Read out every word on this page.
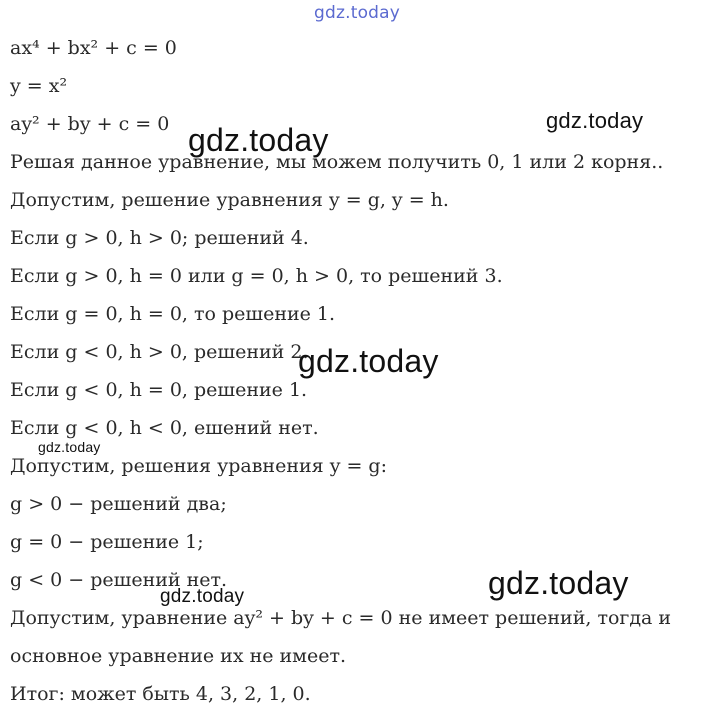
gdz.today
ax⁴ + bx² + c = 0
y = x²
ay² + by + c = 0
Решая данное уравнение, мы можем получить 0, 1 или 2 корня..
Допустим, решение уравнения y = g, y = h.
Если g > 0, h > 0; решений 4.
Если g > 0, h = 0 или g = 0, h > 0, то решений 3.
Если g = 0, h = 0, то решение 1.
Если g < 0, h > 0, решений 2.
Если g < 0, h = 0, решение 1.
Если g < 0, h < 0, ешений нет.
Допустим, решения уравнения y = g:
g > 0 − решений два;
g = 0 − решение 1;
g < 0 − решений нет.
Допустим, уравнение ay² + by + c = 0 не имеет решений, тогда и
основное уравнение их не имеет.
Итог: может быть 4, 3, 2, 1, 0.
gdz.today
gdz.today
gdz.today
gdz.today
gdz.today
gdz.today
